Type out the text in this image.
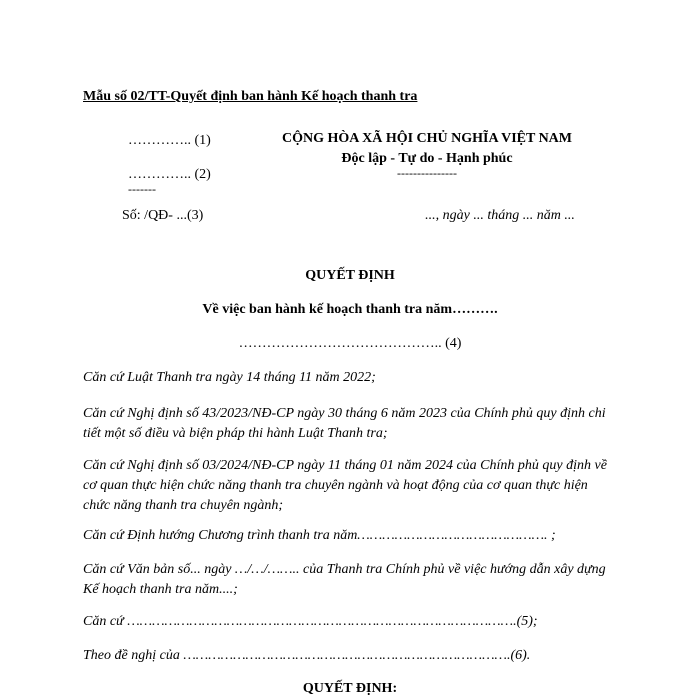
Mẫu số 02/TT-Quyết định ban hành Kế hoạch thanh tra
………….. (1)
………….. (2)
-------
Số: /QĐ- ...(3)
CỘNG HÒA XÃ HỘI CHỦ NGHĨA VIỆT NAM
Độc lập - Tự do - Hạnh phúc
---------------
..., ngày ... tháng ... năm ...
QUYẾT ĐỊNH
Về việc ban hành kế hoạch thanh tra năm……….
…………………………………….. (4)
Căn cứ Luật Thanh tra ngày 14 tháng 11 năm 2022;
Căn cứ Nghị định số 43/2023/NĐ-CP ngày 30 tháng 6 năm 2023 của Chính phủ quy định chi tiết một số điều và biện pháp thi hành Luật Thanh tra;
Căn cứ Nghị định số 03/2024/NĐ-CP ngày 11 tháng 01 năm 2024 của Chính phủ quy định về cơ quan thực hiện chức năng thanh tra chuyên ngành và hoạt động của cơ quan thực hiện chức năng thanh tra chuyên ngành;
Căn cứ Định hướng Chương trình thanh tra năm………………………………………. ;
Căn cứ Văn bản số... ngày …/…/…….. của Thanh tra Chính phủ về việc hướng dẫn xây dựng Kế hoạch thanh tra năm....;
Căn cứ ………………………………………………………………………………….(5);
Theo đề nghị của …………………………………………………………………….(6).
QUYẾT ĐỊNH:
